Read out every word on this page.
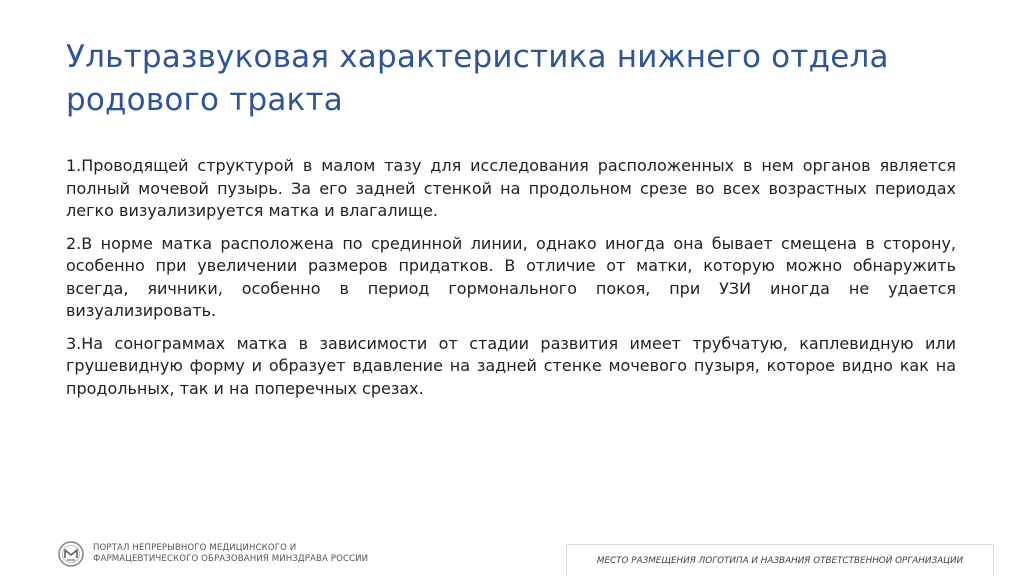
Ультразвуковая характеристика нижнего отдела родового тракта

1.Проводящей структурой в малом тазу для исследования расположенных в нем органов является полный мочевой пузырь. За его задней стенкой на продольном срезе во всех возрастных периодах легко визуализируется матка и влагалище.

2.В норме матка расположена по срединной линии, однако иногда она бывает смещена в сторону, особенно при увеличении размеров придатков. В отличие от матки, которую можно обнаружить всегда, яичники, особенно в период гормонального покоя, при УЗИ иногда не удается визуализировать.

3.На сонограммах матка в зависимости от стадии развития имеет трубчатую, каплевидную или грушевидную форму и образует вдавление на задней стенке мочевого пузыря, которое видно как на продольных, так и на поперечных срезах.

ПОРТАЛ НЕПРЕРЫВНОГО МЕДИЦИНСКОГО И
ФАРМАЦЕВТИЧЕСКОГО ОБРАЗОВАНИЯ МИНЗДРАВА РОССИИ	МЕСТО РАЗМЕЩЕНИЯ ЛОГОТИПА И НАЗВАНИЯ ОТВЕТСТВЕННОЙ ОРГАНИЗАЦИИ
